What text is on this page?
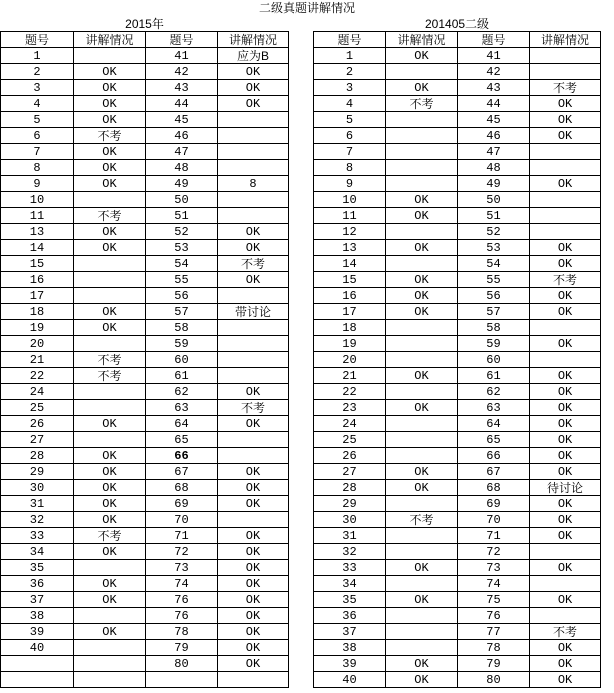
二级真题讲解情况
2015年			
题号	讲解情况	题号	讲解情况
1		41	应为B
2	OK	42	OK
3	OK	43	OK
4	OK	44	OK
5	OK	45	
6	不考	46	
7	OK	47	
8	OK	48	
9	OK	49	8
10		50	
11	不考	51	
13	OK	52	OK
14	OK	53	OK
15		54	不考
16		55	OK
17		56	
18	OK	57	带讨论
19	OK	58	
20		59	
21	不考	60	
22	不考	61	
24		62	OK
25		63	不考
26	OK	64	OK
27		65	
28	OK	66	
29	OK	67	OK
30	OK	68	OK
31	OK	69	OK
32	OK	70	
33	不考	71	OK
34	OK	72	OK
35		73	OK
36	OK	74	OK
37	OK	76	OK
38		76	OK
39	OK	78	OK
40		79	OK
		80	OK

201405二级			
题号	讲解情况	题号	讲解情况
1	OK	41	
2		42	
3	OK	43	不考
4	不考	44	OK
5		45	OK
6		46	OK
7		47	
8		48	
9		49	OK
10	OK	50	
11	OK	51	
12		52	
13	OK	53	OK
14		54	OK
15	OK	55	不考
16	OK	56	OK
17	OK	57	OK
18		58	
19		59	OK
20		60	
21	OK	61	OK
22		62	OK
23	OK	63	OK
24		64	OK
25		65	OK
26		66	OK
27	OK	67	OK
28	OK	68	待讨论
29		69	OK
30	不考	70	OK
31		71	OK
32		72	
33	OK	73	OK
34		74	
35	OK	75	OK
36		76	
37		77	不考
38		78	OK
39	OK	79	OK
40	OK	80	OK
